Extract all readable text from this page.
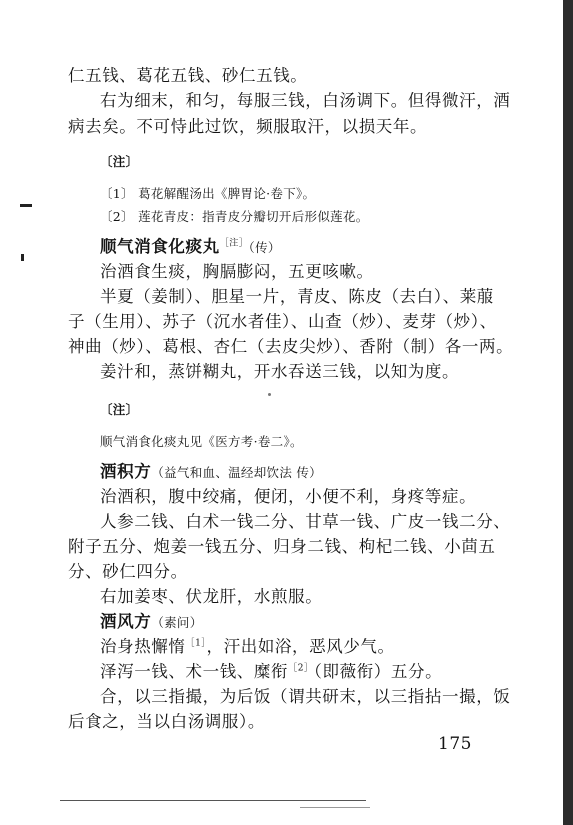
仁五钱、葛花五钱、砂仁五钱。
右为细末，和匀，每服三钱，白汤调下。但得微汗，酒
病去矣。不可恃此过饮，频服取汗，以损天年。
〔注〕
〔1〕 葛花解醒汤出《脾胃论·卷下》。
〔2〕 莲花青皮：指青皮分瓣切开后形似莲花。
顺气消食化痰丸$^{[注]}$（传）
治酒食生痰，胸膈膨闷，五更咳嗽。
半夏（姜制）、胆星一片，青皮、陈皮（去白）、莱菔
子（生用）、苏子（沉水者佳）、山查（炒）、麦芽（炒）、
神曲（炒）、葛根、杏仁（去皮尖炒）、香附（制）各一两。
姜汁和，蒸饼糊丸，开水吞送三钱，以知为度。
〔注〕
顺气消食化痰丸见《医方考·卷二》。
酒积方（益气和血、温经却饮法 传）
治酒积，腹中绞痛，便闭，小便不利，身疼等症。
人参二钱、白术一钱二分、甘草一钱、广皮一钱二分、
附子五分、炮姜一钱五分、归身二钱、枸杞二钱、小茴五
分、砂仁四分。
右加姜枣、伏龙肝，水煎服。
酒风方（素问）
治身热懈惰$^{[1]}$，汗出如浴，恶风少气。
泽泻一钱、术一钱、糜衔$^{[2]}$（即薇衔）五分。
合，以三指撮，为后饭（谓共研末，以三指拈一撮，饭
后食之，当以白汤调服）。
175
